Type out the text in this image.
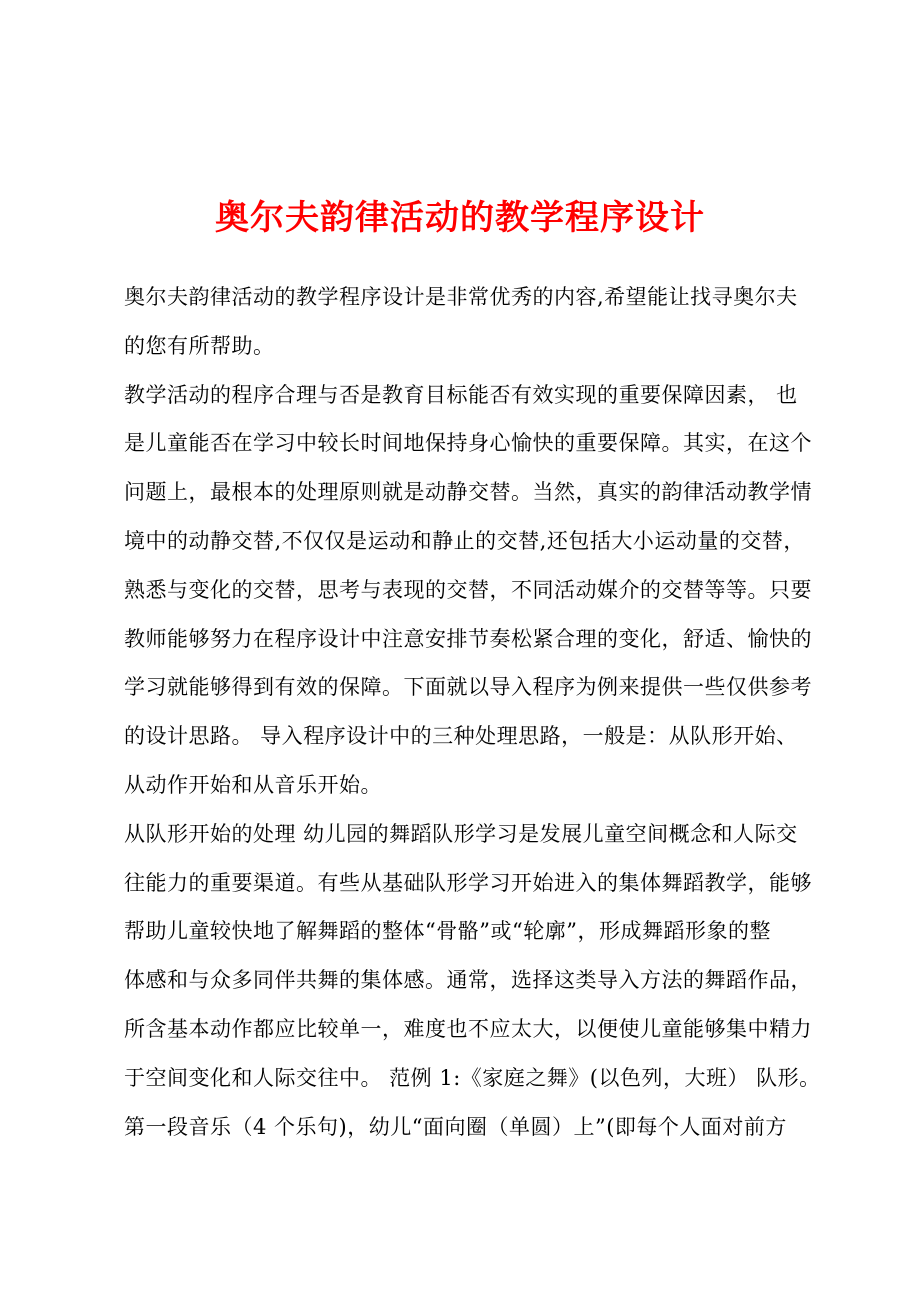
奥尔夫韵律活动的教学程序设计
奥尔夫韵律活动的教学程序设计是非常优秀的内容,希望能让找寻奥尔夫
的您有所帮助。
教学活动的程序合理与否是教育目标能否有效实现的重要保障因素， 也
是儿童能否在学习中较长时间地保持身心愉快的重要保障。其实，在这个
问题上，最根本的处理原则就是动静交替。当然，真实的韵律活动教学情
境中的动静交替,不仅仅是运动和静止的交替,还包括大小运动量的交替，
熟悉与变化的交替，思考与表现的交替，不同活动媒介的交替等等。只要
教师能够努力在程序设计中注意安排节奏松紧合理的变化，舒适、愉快的
学习就能够得到有效的保障。下面就以导入程序为例来提供一些仅供参考
的设计思路。 导入程序设计中的三种处理思路，一般是：从队形开始、
从动作开始和从音乐开始。
从队形开始的处理 幼儿园的舞蹈队形学习是发展儿童空间概念和人际交
往能力的重要渠道。有些从基础队形学习开始进入的集体舞蹈教学，能够
帮助儿童较快地了解舞蹈的整体“骨骼”或“轮廓”，形成舞蹈形象的整
体感和与众多同伴共舞的集体感。通常，选择这类导入方法的舞蹈作品，
所含基本动作都应比较单一，难度也不应太大，以便使儿童能够集中精力
于空间变化和人际交往中。 范例 1:《家庭之舞》(以色列，大班） 队形。
第一段音乐（4 个乐句)，幼儿“面向圈（单圆）上”(即每个人面对前方
